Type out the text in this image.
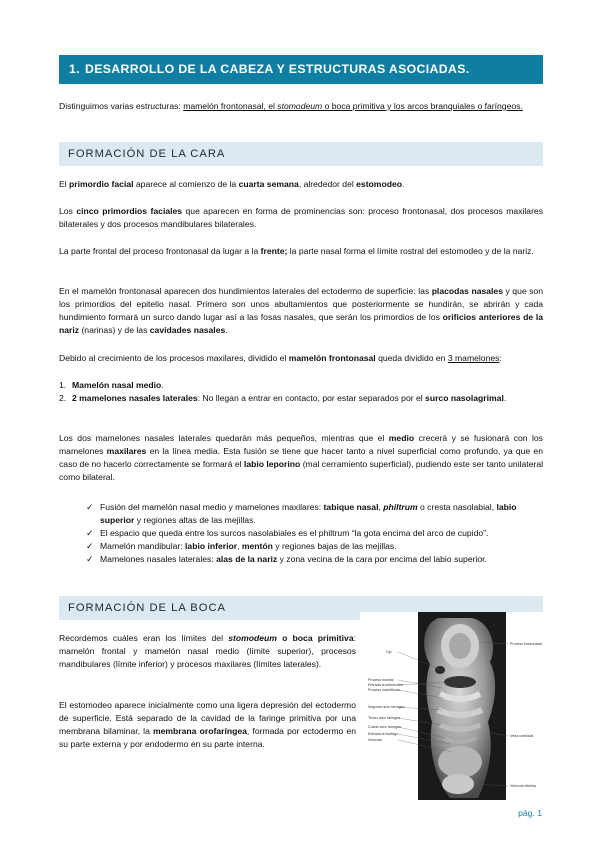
1. DESARROLLO DE LA CABEZA Y ESTRUCTURAS ASOCIADAS.

Distinguimos varias estructuras: mamelón frontonasal, el stomodeum o boca primitiva y los arcos branquiales o faríngeos.

FORMACIÓN DE LA CARA

El primordio facial aparece al comienzo de la cuarta semana, alrededor del estomodeo.

Los cinco primordios faciales que aparecen en forma de prominencias son: proceso frontonasal, dos procesos maxilares bilaterales y dos procesos mandibulares bilaterales.

La parte frontal del proceso frontonasal da lugar a la frente; la parte nasal forma el límite rostral del estomodeo y de la nariz.

En el mamelón frontonasal aparecen dos hundimientos laterales del ectodermo de superficie: las placodas nasales y que son los primordios del epitelio nasal. Primero son unos abultamientos que posteriormente se hundirán, se abrirán y cada hundimiento formará un surco dando lugar así a las fosas nasales, que serán los primordios de los orificios anteriores de la nariz (narinas) y de las cavidades nasales.

Debido al crecimiento de los procesos maxilares, dividido el mamelón frontonasal queda dividido en 3 mamelones:

1. Mamelón nasal medio.
2. 2 mamelones nasales laterales: No llegan a entrar en contacto, por estar separados por el surco nasolagrimal.

Los dos mamelones nasales laterales quedarán más pequeños, mientras que el medio crecerá y se fusionará con los mamelones maxilares en la línea media. Esta fusión se tiene que hacer tanto a nivel superficial como profundo, ya que en caso de no hacerlo correctamente se formará el labio leporino (mal cerramiento superficial), pudiendo este ser tanto unilateral como bilateral.

✓ Fusión del mamelón nasal medio y mamelones maxilares: tabique nasal, philtrum o cresta nasolabial, labio superior y regiones altas de las mejillas.
✓ El espacio que queda entre los surcos nasolabiales es el philtrum “la gota encima del arco de cupido”.
✓ Mamelón mandibular: labio inferior, mentón y regiones bajas de las mejillas.
✓ Mamelones nasales laterales: alas de la nariz y zona vecina de la cara por encima del labio superior.
FORMACIÓN DE LA BOCA

Recordemos cuáles eran los límites del stomodeum o boca primitiva: mamelón frontal y mamelón nasal medio (límite superior), procesos mandibulares (límite inferior) y procesos maxilares (límites laterales).

El estomodeo aparece inicialmente como una ligera depresión del ectodermo de superficie. Está separado de la cavidad de la faringe primitiva por una membrana bilaminar, la membrana orofaríngea, formada por ectodermo en su parte externa y por endodermo en su parte interna.

Ojo
Proceso maxilar
Entrada al estomodeo
Proceso mandibular
Segundo arco faríngeo
Tercer arco faríngeo
Cuarto arco faríngeo
Entrada al esófago
Vesícula
Proceso frontonasal
Vena umbilical
Vesícula vitelina
pág. 1
